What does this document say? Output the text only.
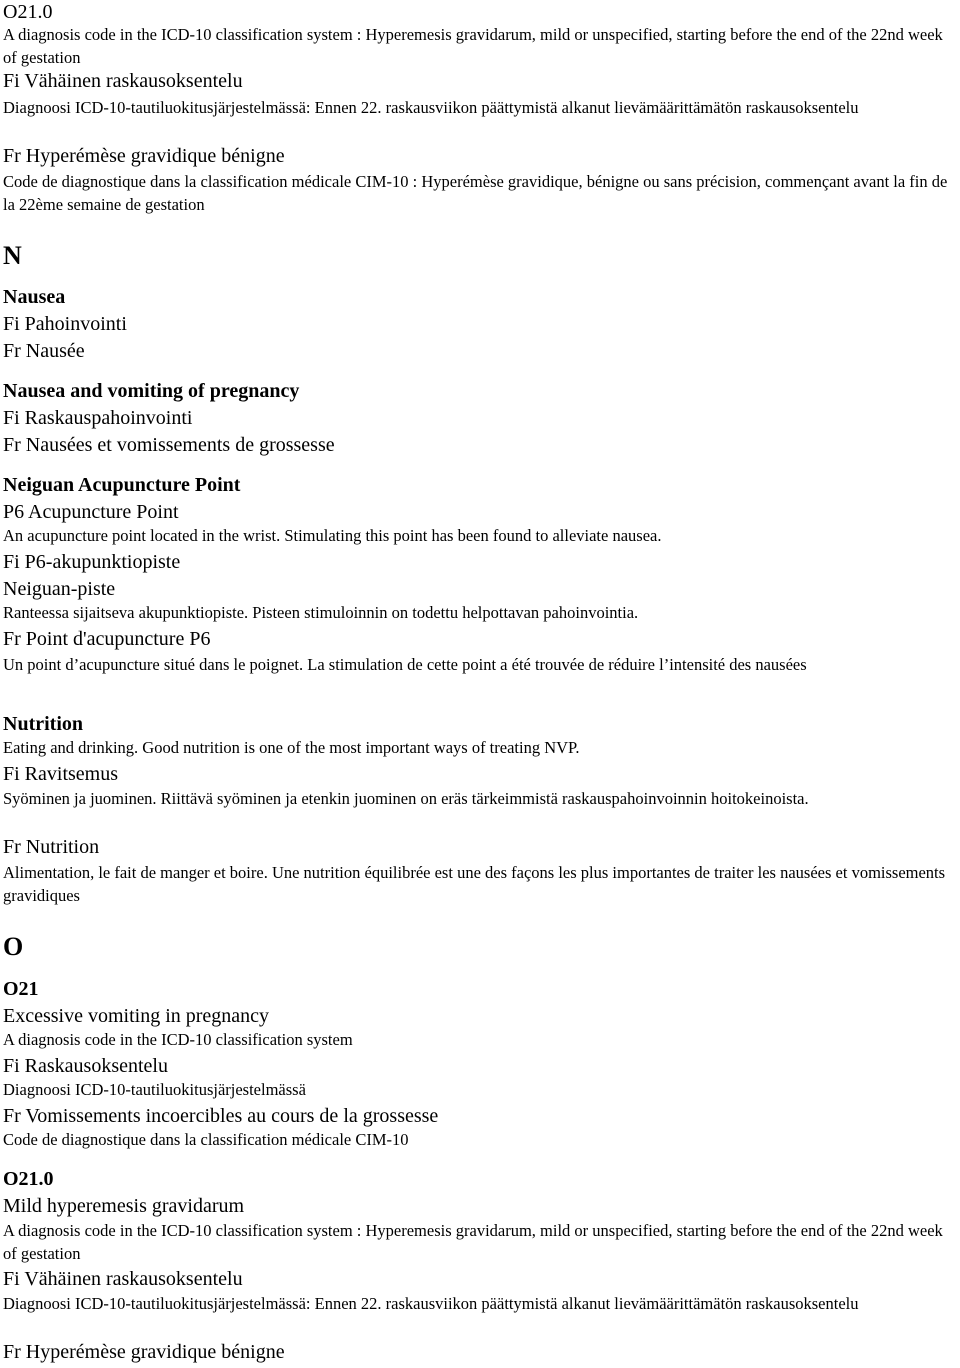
O21.0
A diagnosis code in the ICD-10 classification system : Hyperemesis gravidarum, mild or unspecified, starting before the end of the 22nd week of gestation
Fi Vähäinen raskausoksentelu
Diagnoosi ICD-10-tautiluokitusjärjestelmässä: Ennen 22. raskausviikon päättymistä alkanut lievämäärittämätön raskausoksentelu
Fr Hyperémèse gravidique bénigne
Code de diagnostique dans la classification médicale CIM-10 : Hyperémèse gravidique, bénigne ou sans précision, commençant avant la fin de la 22ème semaine de gestation
N
Nausea
Fi Pahoinvointi
Fr Nausée
Nausea and vomiting of pregnancy
Fi Raskauspahoinvointi
Fr Nausées et vomissements de grossesse
Neiguan Acupuncture Point
P6 Acupuncture Point
An acupuncture point located in the wrist. Stimulating this point has been found to alleviate nausea.
Fi P6-akupunktiopiste
Neiguan-piste
Ranteessa sijaitseva akupunktiopiste. Pisteen stimuloinnin on todettu helpottavan pahoinvointia.
Fr Point d'acupuncture P6
Un point d’acupuncture situé dans le poignet. La stimulation de cette point a été trouvée de réduire l’intensité des nausées
Nutrition
Eating and drinking. Good nutrition is one of the most important ways of treating NVP.
Fi Ravitsemus
Syöminen ja juominen. Riittävä syöminen ja etenkin juominen on eräs tärkeimmistä raskauspahoinvoinnin hoitokeinoista.
Fr Nutrition
Alimentation, le fait de manger et boire. Une nutrition équilibrée est une des façons les plus importantes de traiter les nausées et vomissements gravidiques
O
O21
Excessive vomiting in pregnancy
A diagnosis code in the ICD-10 classification system
Fi Raskausoksentelu
Diagnoosi ICD-10-tautiluokitusjärjestelmässä
Fr Vomissements incoercibles au cours de la grossesse
Code de diagnostique dans la classification médicale CIM-10
O21.0
Mild hyperemesis gravidarum
A diagnosis code in the ICD-10 classification system : Hyperemesis gravidarum, mild or unspecified, starting before the end of the 22nd week of gestation
Fi Vähäinen raskausoksentelu
Diagnoosi ICD-10-tautiluokitusjärjestelmässä: Ennen 22. raskausviikon päättymistä alkanut lievämäärittämätön raskausoksentelu
Fr Hyperémèse gravidique bénigne
